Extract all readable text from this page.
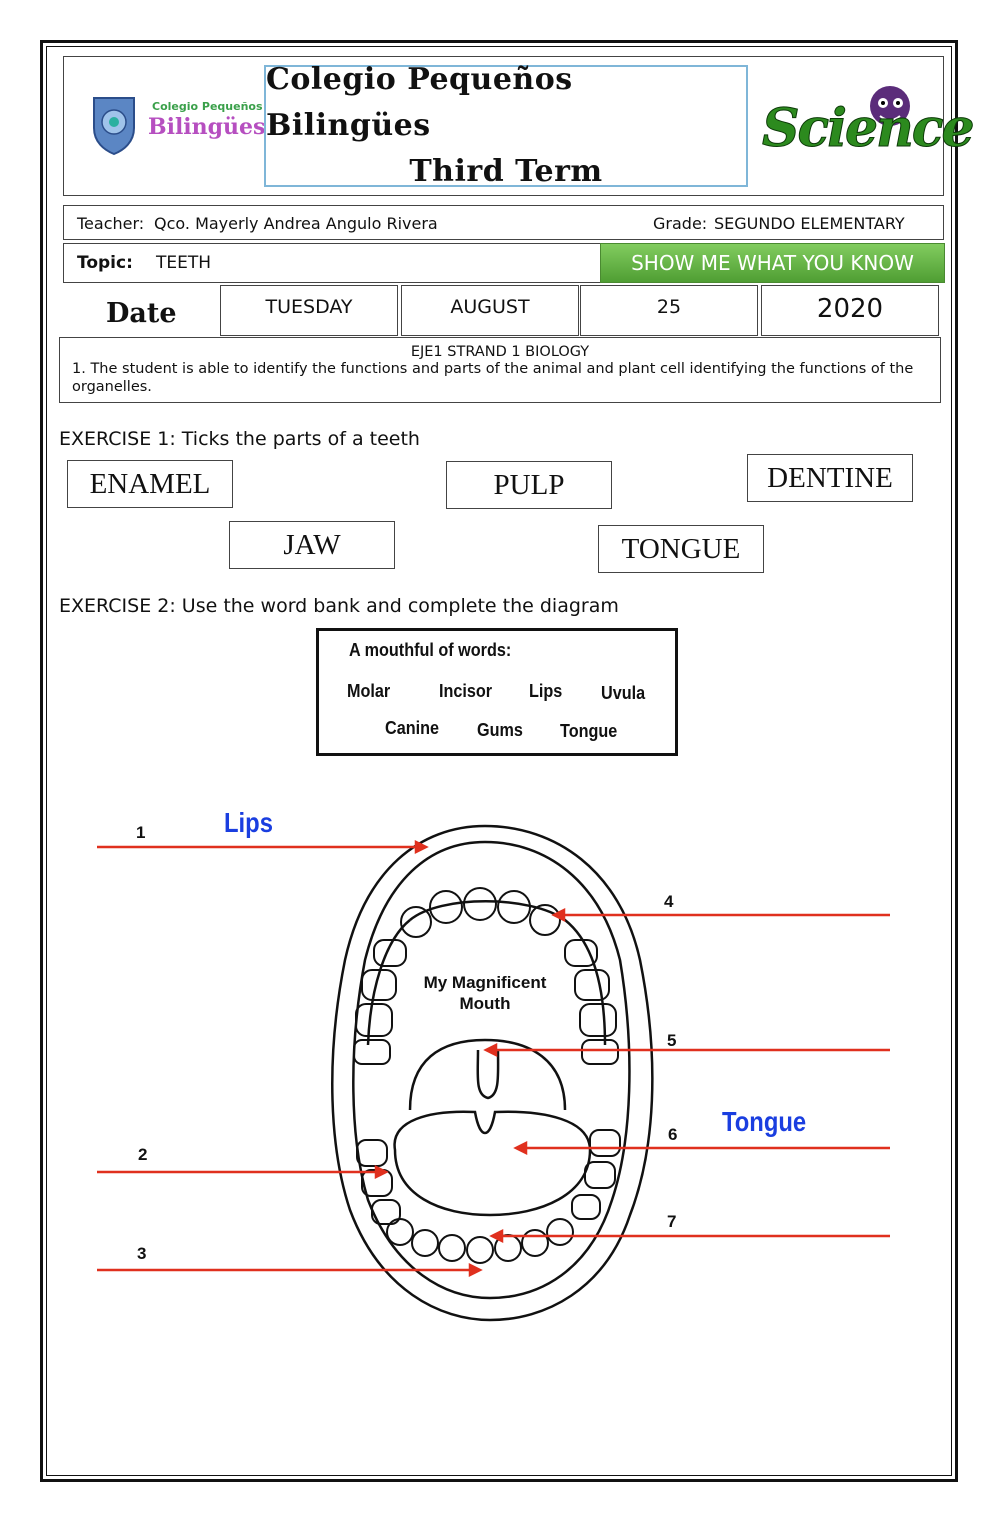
Colegio Pequeños
Bilingües
Colegio Pequeños Bilingües
Third Term
Science
Teacher: Qco. Mayerly Andrea Angulo Rivera	Grade: SEGUNDO ELEMENTARY
Topic: TEETH	SHOW ME WHAT YOU KNOW
Date	TUESDAY	AUGUST	25	2020
EJE1 STRAND 1 BIOLOGY
1. The student is able to identify the functions and parts of the animal and plant cell identifying the functions of the organelles.
EXERCISE 1: Ticks the parts of a teeth
ENAMEL	PULP	DENTINE
JAW	TONGUE
EXERCISE 2: Use the word bank and complete the diagram
A mouthful of words:
Molar	Incisor Lips Uvula
Canine Gums Tongue
My Magnificent
Mouth
1
2
3
4
5
6
7
Lips
Tongue
